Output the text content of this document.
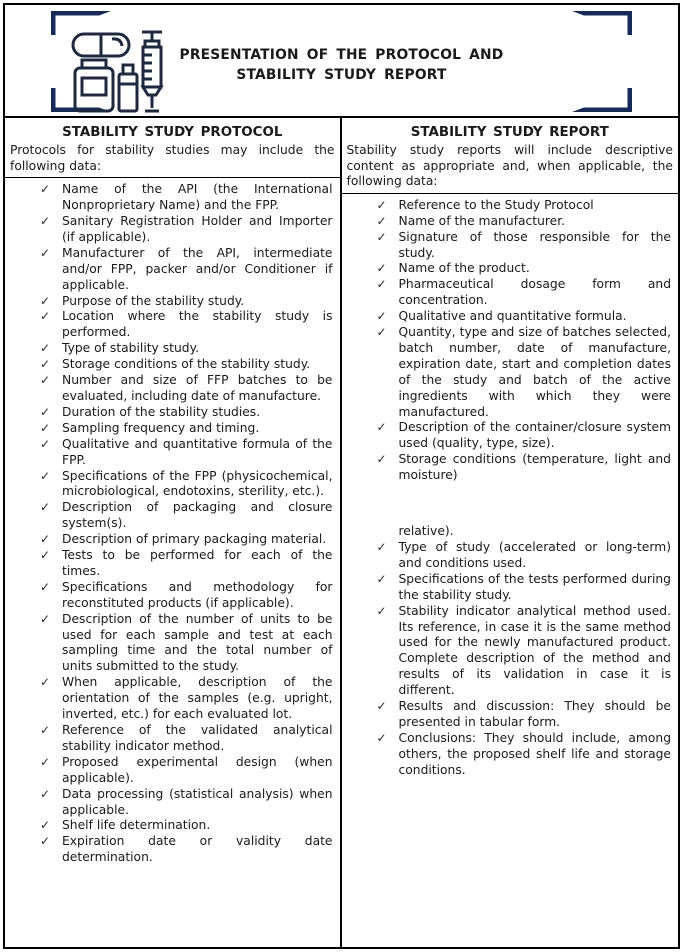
PRESENTATION OF THE PROTOCOL AND
STABILITY STUDY REPORT
STABILITY STUDY PROTOCOL
Protocols for stability studies may include the following data:
✓ Name of the API (the International Nonproprietary Name) and the FPP.
✓ Sanitary Registration Holder and Importer (if applicable).
✓ Manufacturer of the API, intermediate and/or FPP, packer and/or Conditioner if applicable.
✓ Purpose of the stability study.
✓ Location where the stability study is performed.
✓ Type of stability study.
✓ Storage conditions of the stability study.
✓ Number and size of FFP batches to be evaluated, including date of manufacture.
✓ Duration of the stability studies.
✓ Sampling frequency and timing.
✓ Qualitative and quantitative formula of the FPP.
✓ Specifications of the FPP (physicochemical, microbiological, endotoxins, sterility, etc.).
✓ Description of packaging and closure system(s).
✓ Description of primary packaging material.
✓ Tests to be performed for each of the times.
✓ Specifications and methodology for reconstituted products (if applicable).
✓ Description of the number of units to be used for each sample and test at each sampling time and the total number of units submitted to the study.
✓ When applicable, description of the orientation of the samples (e.g. upright, inverted, etc.) for each evaluated lot.
✓ Reference of the validated analytical stability indicator method.
✓ Proposed experimental design (when applicable).
✓ Data processing (statistical analysis) when applicable.
✓ Shelf life determination.
✓ Expiration date or validity date determination.
STABILITY STUDY REPORT
Stability study reports will include descriptive content as appropriate and, when applicable, the following data:
✓ Reference to the Study Protocol
✓ Name of the manufacturer.
✓ Signature of those responsible for the study.
✓ Name of the product.
✓ Pharmaceutical dosage form and concentration.
✓ Qualitative and quantitative formula.
✓ Quantity, type and size of batches selected, batch number, date of manufacture, expiration date, start and completion dates of the study and batch of the active ingredients with which they were manufactured.
✓ Description of the container/closure system used (quality, type, size).
✓ Storage conditions (temperature, light and moisture)
relative).
✓ Type of study (accelerated or long-term) and conditions used.
✓ Specifications of the tests performed during the stability study.
✓ Stability indicator analytical method used. Its reference, in case it is the same method used for the newly manufactured product. Complete description of the method and results of its validation in case it is different.
✓ Results and discussion: They should be presented in tabular form.
✓ Conclusions: They should include, among others, the proposed shelf life and storage conditions.
